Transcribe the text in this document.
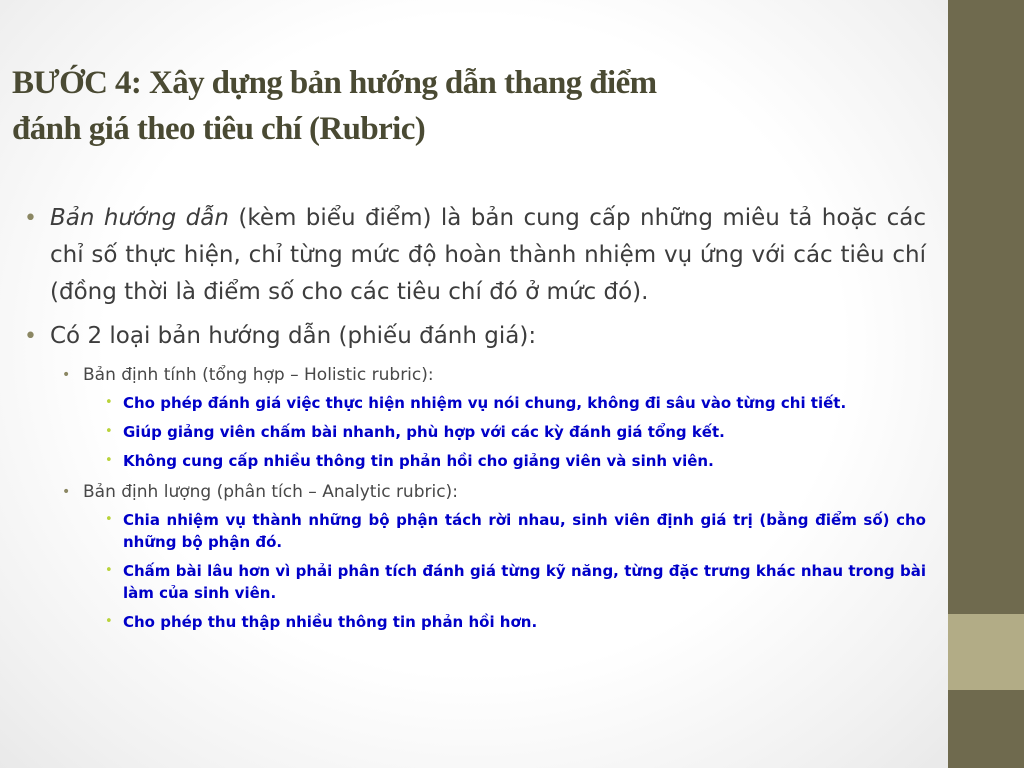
BƯỚC 4: Xây dựng bản hướng dẫn thang điểm
đánh giá theo tiêu chí (Rubric)
• Bản hướng dẫn (kèm biểu điểm) là bản cung cấp những miêu tả hoặc các chỉ số thực hiện, chỉ từng mức độ hoàn thành nhiệm vụ ứng với các tiêu chí (đồng thời là điểm số cho các tiêu chí đó ở mức đó).
• Có 2 loại bản hướng dẫn (phiếu đánh giá):
• Bản định tính (tổng hợp – Holistic rubric):
• Cho phép đánh giá việc thực hiện nhiệm vụ nói chung, không đi sâu vào từng chi tiết.
• Giúp giảng viên chấm bài nhanh, phù hợp với các kỳ đánh giá tổng kết.
• Không cung cấp nhiều thông tin phản hồi cho giảng viên và sinh viên.
• Bản định lượng (phân tích – Analytic rubric):
• Chia nhiệm vụ thành những bộ phận tách rời nhau, sinh viên định giá trị (bằng điểm số) cho những bộ phận đó.
• Chấm bài lâu hơn vì phải phân tích đánh giá từng kỹ năng, từng đặc trưng khác nhau trong bài làm của sinh viên.
• Cho phép thu thập nhiều thông tin phản hồi hơn.
